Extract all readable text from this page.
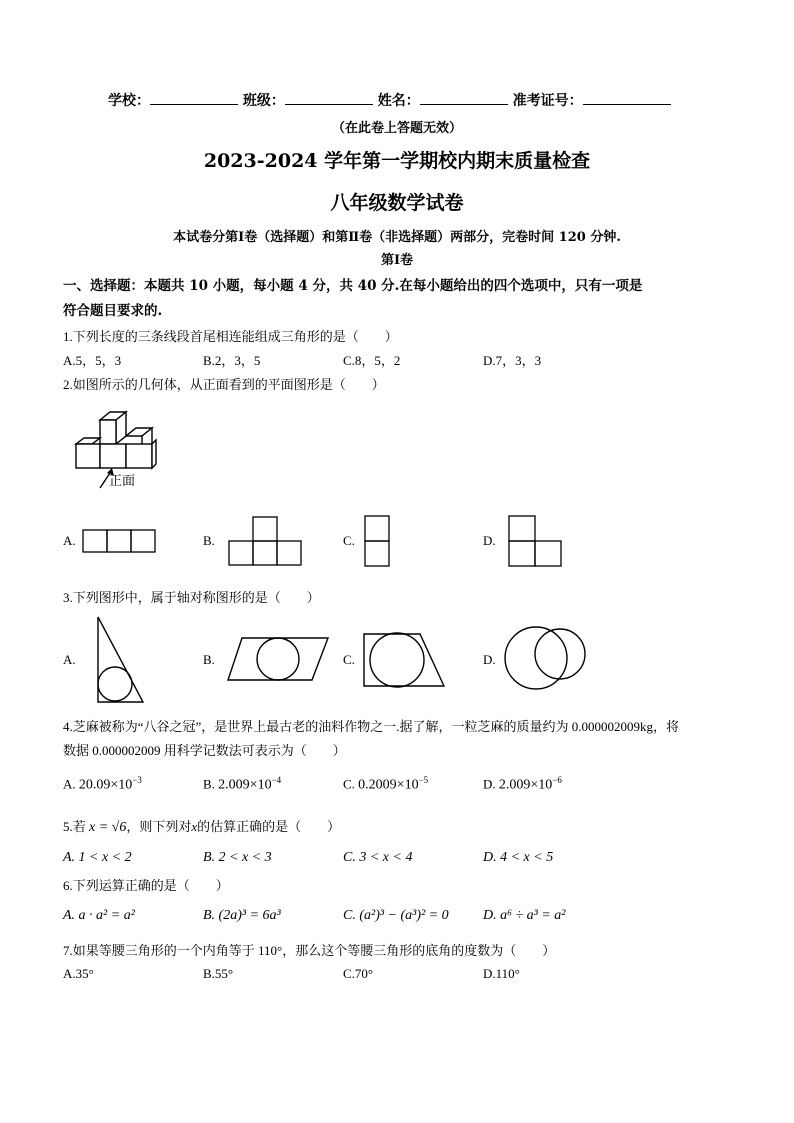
学校：	班级：	姓名：	准考证号：
（在此卷上答题无效）
2023-2024 学年第一学期校内期末质量检查
八年级数学试卷
本试卷分第Ⅰ卷（选择题）和第Ⅱ卷（非选择题）两部分，完卷时间 120 分钟.
第Ⅰ卷
一、选择题：本题共 10 小题，每小题 4 分，共 40 分.在每小题给出的四个选项中，只有一项是
符合题目要求的.
1.下列长度的三条线段首尾相连能组成三角形的是（　　）
A.5，5，3	B.2，3，5	C.8，5，2	D.7，3，3
2.如图所示的几何体，从正面看到的平面图形是（　　）
正面
A.	B.	C.	D.
3.下列图形中，属于轴对称图形的是（　　）
A.	B.	C.	D.
4.芝麻被称为“八谷之冠”，是世界上最古老的油料作物之一.据了解，一粒芝麻的质量约为 0.000002009kg，将
数据 0.000002009 用科学记数法可表示为（　　）
A. $20.09\times 10^{-3}$	B. $2.009\times 10^{-4}$	C. $0.2009\times 10^{-5}$	D. $2.009\times 10^{-6}$
5.若 x = √6，则下列对x的估算正确的是（　　）
A. 1 < x < 2	B. 2 < x < 3	C. 3 < x < 4	D. 4 < x < 5
6.下列运算正确的是（　　）
A. a · a² = a²	B. (2a)³ = 6a³	C. (a²)³ − (a³)² = 0 D. a⁶ ÷ a³ = a²
7.如果等腰三角形的一个内角等于 110°，那么这个等腰三角形的底角的度数为（　　）
A.35°	B.55°	C.70°	D.110°
